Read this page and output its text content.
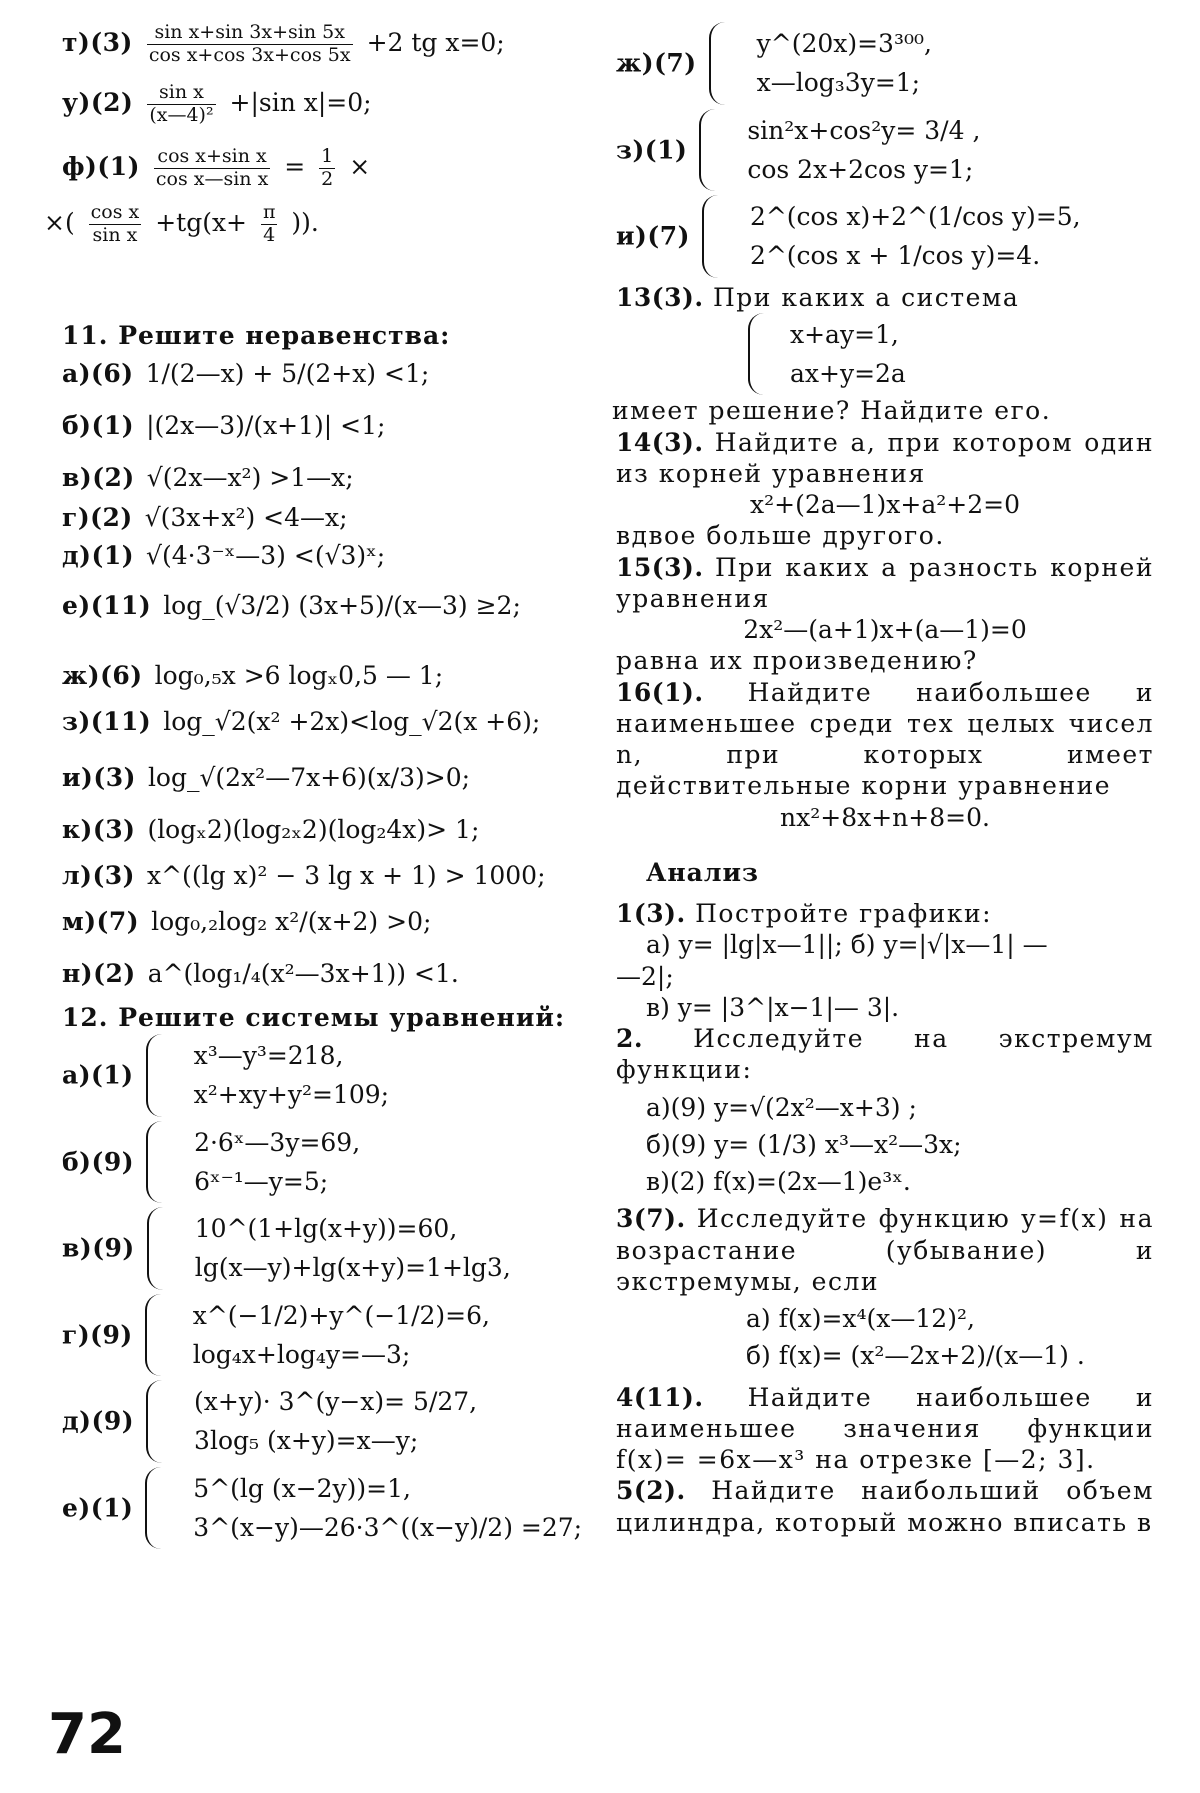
$т)(3) \frac{\text{sin x+sin 3x+sin 5x}}{\text{cos x+cos 3x+cos 5x}} +2$ tg x=0;
$у)(2) \frac{\text{sin x}}{\text{(x—4)²}} +|\sin$ x|=0;
$ф)(1) \frac{\text{cos x+sin x}}{\text{cos x—sin x}} = \frac{1}{2}$ ×
×( $\frac{\text{cos x}}{\text{sin x}} +tg(x+ \frac{\pi}{4}$ )).
11. Решите неравенства:
а)(6) 1/(2—x) + 5/(2+x) <1;
б)(1) |(2x—3)/(x+1)| <1;
в)(2) √(2x—x²) >1—x;
г)(2) √(3x+x²) <4—x;
д)(1) √(4·3⁻ˣ—3) <(√3)ˣ;
е)(11) log_(√3/2) (3x+5)/(x—3) ≥2;
ж)(6) log₀,₅x >6 logₓ0,5 — 1;
з)(11) log_√2(x² +2x)<log_√2(x +6);
и)(3) log_√(2x²—7x+6)(x/3)>0;
к)(3) (logₓ2)(log₂ₓ2)(log₂4x)> 1;
л)(3) x^((lg x)² − 3 lg x + 1) > 1000;
м)(7) log₀,₂log₂ x²/(x+2) >0;
н)(2) a^(log₁/₄(x²—3x+1)) <1.
12. Решите системы уравнений:
а)(1)
x³—y³=218,
x²+xy+y²=109;
б)(9)
2·6ˣ—3y=69,
6ˣ⁻¹—y=5;
в)(9)
10^(1+lg(x+y))=60,
lg(x—y)+lg(x+y)=1+lg3,
г)(9)
x^(−1/2)+y^(−1/2)=6,
log₄x+log₄y=—3;
д)(9)
(x+y)· 3^(y−x)= 5/27,
3log₅ (x+y)=x—y;
е)(1)
5^(lg (x−2y))=1,
3^(x−y)—26·3^((x−y)/2) =27;
ж)(7)
y^(20x)=3³⁰⁰,
x—log₃3y=1;
з)(1)
sin²x+cos²y= 3/4 ,
cos 2x+2cos y=1;
и)(7)
2^(cos x)+2^(1/cos y)=5,
2^(cos x + 1/cos y)=4.

13(3). При каких a система

x+ay=1,
ax+y=2a

имеет решение? Найдите его.

14(3). Найдите a, при котором один из корней уравнения

x²+(2a—1)x+a²+2=0

вдвое больше другого.

15(3). При каких a разность корней уравнения

2x²—(a+1)x+(a—1)=0

равна их произведению?

16(1). Найдите наибольшее и наименьшее среди тех целых чисел n, при которых имеет действительные корни уравнение

nx²+8x+n+8=0.
Анализ

1(3). Постройте графики:

а) y= |lg|x—1||; б) y=|√|x—1| —
—2|;
в) y= |3^|x−1|— 3|.

2. Исследуйте на экстремум функции:

а)(9) y=√(2x²—x+3) ;
б)(9) y= (1/3) x³—x²—3x;
в)(2) f(x)=(2x—1)e³ˣ.

3(7). Исследуйте функцию y=f(x) на возрастание (убывание) и экстремумы, если

а) f(x)=x⁴(x—12)²,
б) f(x)= (x²—2x+2)/(x—1) .

4(11). Найдите наибольшее и наименьшее значения функции f(x)= =6x—x³ на отрезке [—2; 3].

5(2). Найдите наибольший объем цилиндра, который можно вписать в

72
